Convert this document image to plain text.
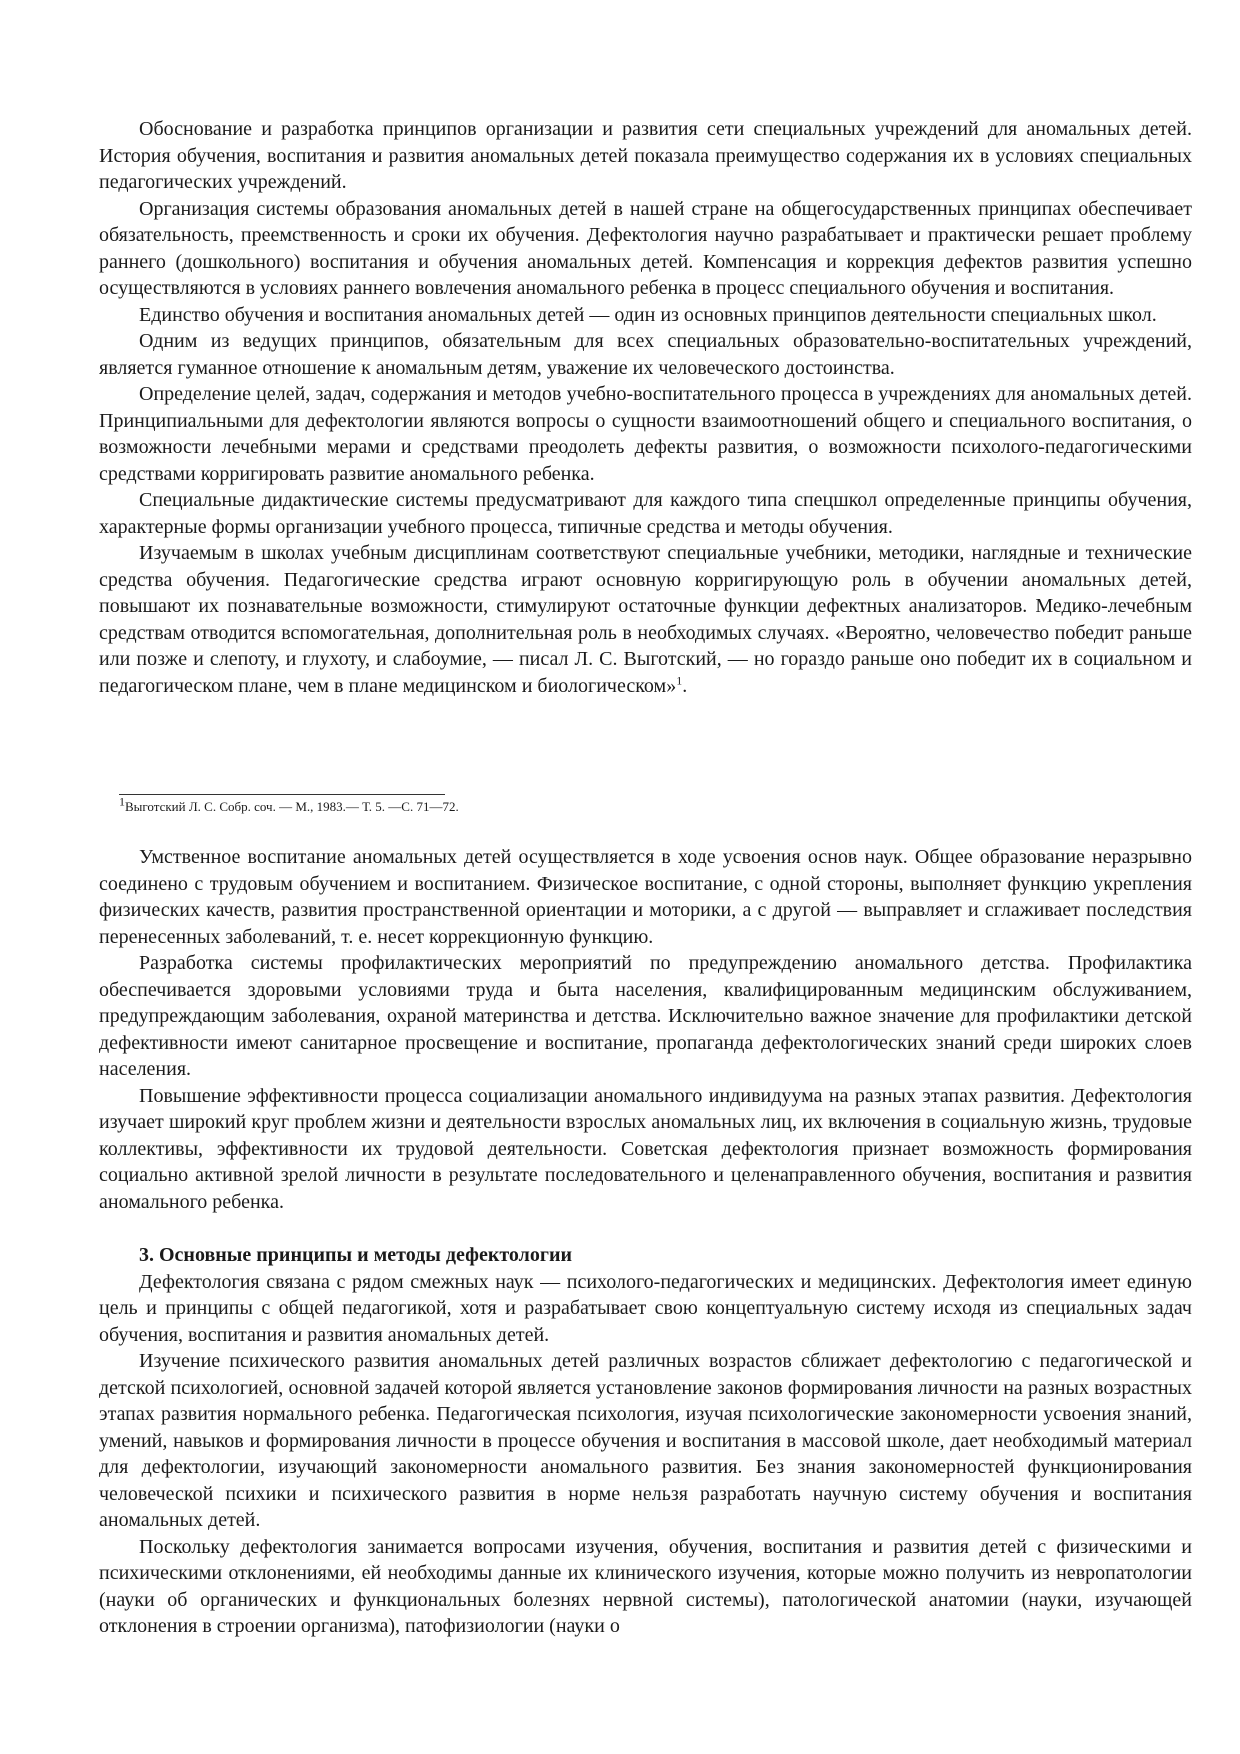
Обоснование и разработка принципов организации и развития сети специальных учреждений для аномальных детей. История обучения, воспитания и развития аномальных детей показала преимущество содержания их в условиях специальных педагогических учреждений.

Организация системы образования аномальных детей в нашей стране на общегосударственных принципах обеспечивает обязательность, преемственность и сроки их обучения. Дефектология научно разрабатывает и практически решает проблему раннего (дошкольного) воспитания и обучения аномальных детей. Компенсация и коррекция дефектов развития успешно осуществляются в условиях раннего вовлечения аномального ребенка в процесс специального обучения и воспитания.

Единство обучения и воспитания аномальных детей — один из основных принципов деятельности специальных школ.

Одним из ведущих принципов, обязательным для всех специальных образовательно-воспитательных учреждений, является гуманное отношение к аномальным детям, уважение их человеческого достоинства.

Определение целей, задач, содержания и методов учебно-воспитательного процесса в учреждениях для аномальных детей. Принципиальными для дефектологии являются вопросы о сущности взаимоотношений общего и специального воспитания, о возможности лечебными мерами и средствами преодолеть дефекты развития, о возможности психолого-педагогическими средствами корригировать развитие аномального ребенка.

Специальные дидактические системы предусматривают для каждого типа спецшкол определенные принципы обучения, характерные формы организации учебного процесса, типичные средства и методы обучения.

Изучаемым в школах учебным дисциплинам соответствуют специальные учебники, методики, наглядные и технические средства обучения. Педагогические средства играют основную корригирующую роль в обучении аномальных детей, повышают их познавательные возможности, стимулируют остаточные функции дефектных анализаторов. Медико-лечебным средствам отводится вспомогательная, дополнительная роль в необходимых случаях. «Вероятно, человечество победит раньше или позже и слепоту, и глухоту, и слабоумие, — писал Л. С. Выготский, — но гораздо раньше оно победит их в социальном и педагогическом плане, чем в плане медицинском и биологическом»$^1$.

$^1$Выготский Л. С. Собр. соч. — М., 1983.— Т. 5. —С. 71—72.

Умственное воспитание аномальных детей осуществляется в ходе усвоения основ наук. Общее образование неразрывно соединено с трудовым обучением и воспитанием. Физическое воспитание, с одной стороны, выполняет функцию укрепления физических качеств, развития пространственной ориентации и моторики, а с другой — выправляет и сглаживает последствия перенесенных заболеваний, т. е. несет коррекционную функцию.

Разработка системы профилактических мероприятий по предупреждению аномального детства. Профилактика обеспечивается здоровыми условиями труда и быта населения, квалифицированным медицинским обслуживанием, предупреждающим заболевания, охраной материнства и детства. Исключительно важное значение для профилактики детской дефективности имеют санитарное просвещение и воспитание, пропаганда дефектологических знаний среди широких слоев населения.

Повышение эффективности процесса социализации аномального индивидуума на разных этапах развития. Дефектология изучает широкий круг проблем жизни и деятельности взрослых аномальных лиц, их включения в социальную жизнь, трудовые коллективы, эффективности их трудовой деятельности. Советская дефектология признает возможность формирования социально активной зрелой личности в результате последовательного и целенаправленного обучения, воспитания и развития аномального ребенка.

3. Основные принципы и методы дефектологии

Дефектология связана с рядом смежных наук — психолого-педагогических и медицинских. Дефектология имеет единую цель и принципы с общей педагогикой, хотя и разрабатывает свою концептуальную систему исходя из специальных задач обучения, воспитания и развития аномальных детей.

Изучение психического развития аномальных детей различных возрастов сближает дефектологию с педагогической и детской психологией, основной задачей которой является установление законов формирования личности на разных возрастных этапах развития нормального ребенка. Педагогическая психология, изучая психологические закономерности усвоения знаний, умений, навыков и формирования личности в процессе обучения и воспитания в массовой школе, дает необходимый материал для дефектологии, изучающий закономерности аномального развития. Без знания закономерностей функционирования человеческой психики и психического развития в норме нельзя разработать научную систему обучения и воспитания аномальных детей.

Поскольку дефектология занимается вопросами изучения, обучения, воспитания и развития детей с физическими и психическими отклонениями, ей необходимы данные их клинического изучения, которые можно получить из невропатологии (науки об органических и функциональных болезнях нервной системы), патологической анатомии (науки, изучающей отклонения в строении организма), патофизиологии (науки о
